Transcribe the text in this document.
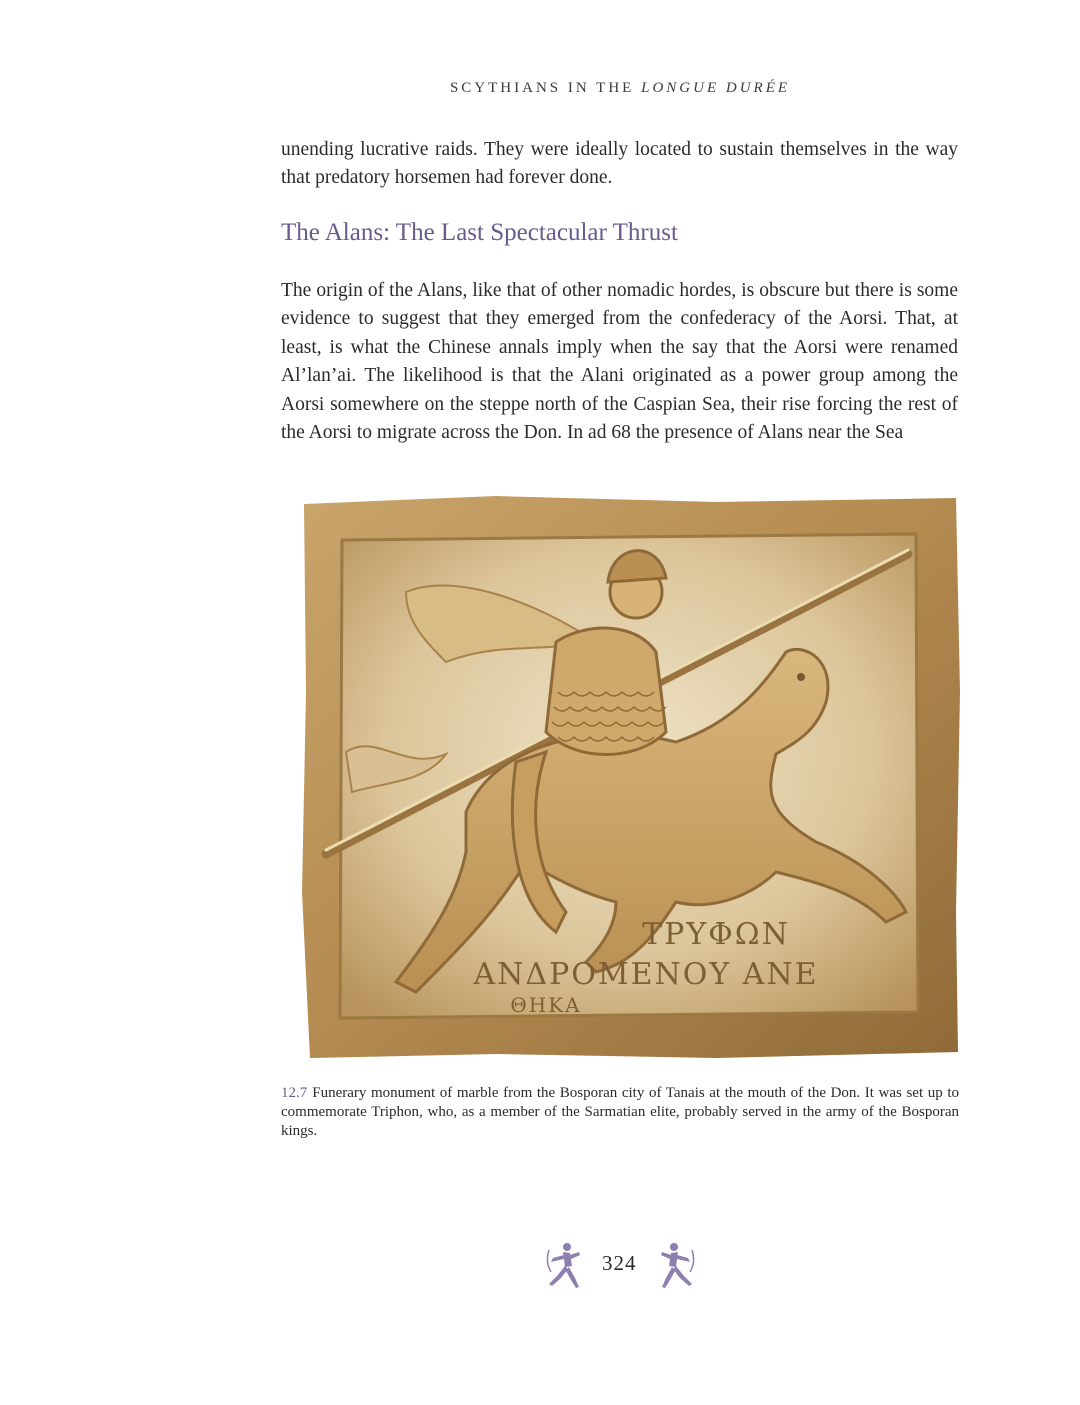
SCYTHIANS IN THE LONGUE DURÉE
unending lucrative raids. They were ideally located to sustain themselves in the way that predatory horsemen had forever done.
The Alans: The Last Spectacular Thrust
The origin of the Alans, like that of other nomadic hordes, is obscure but there is some evidence to suggest that they emerged from the confederacy of the Aorsi. That, at least, is what the Chinese annals imply when the say that the Aorsi were renamed Al’lan’ai. The likelihood is that the Alani originated as a power group among the Aorsi somewhere on the steppe north of the Caspian Sea, their rise forcing the rest of the Aorsi to migrate across the Don. In ad 68 the presence of Alans near the Sea
ΤΡΥΦΩΝ
ΑΝΔΡΟΜΕΝΟΥ ΑΝΕ
ΘΗΚΑ
12.7 Funerary monument of marble from the Bosporan city of Tanais at the mouth of the Don. It was set up to commemorate Triphon, who, as a member of the Sarmatian elite, probably served in the army of the Bosporan kings.
324
